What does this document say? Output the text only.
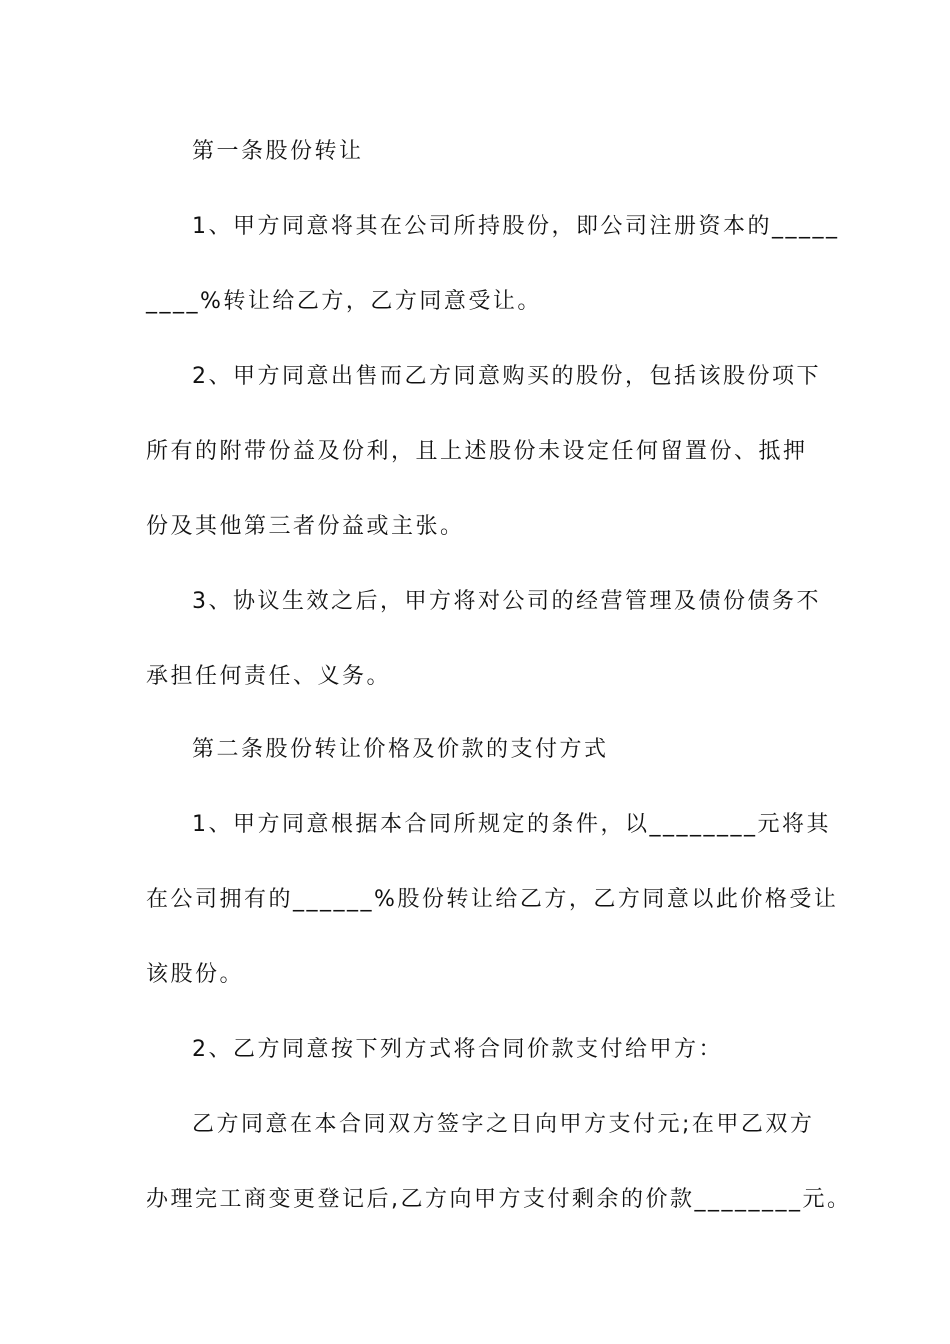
第一条股份转让
1、甲方同意将其在公司所持股份，即公司注册资本的_____
____%转让给乙方，乙方同意受让。
2、甲方同意出售而乙方同意购买的股份，包括该股份项下
所有的附带份益及份利，且上述股份未设定任何留置份、抵押
份及其他第三者份益或主张。
3、协议生效之后，甲方将对公司的经营管理及债份债务不
承担任何责任、义务。
第二条股份转让价格及价款的支付方式
1、甲方同意根据本合同所规定的条件，以________元将其
在公司拥有的______%股份转让给乙方，乙方同意以此价格受让
该股份。
2、乙方同意按下列方式将合同价款支付给甲方：
乙方同意在本合同双方签字之日向甲方支付元;在甲乙双方
办理完工商变更登记后,乙方向甲方支付剩余的价款________元。
